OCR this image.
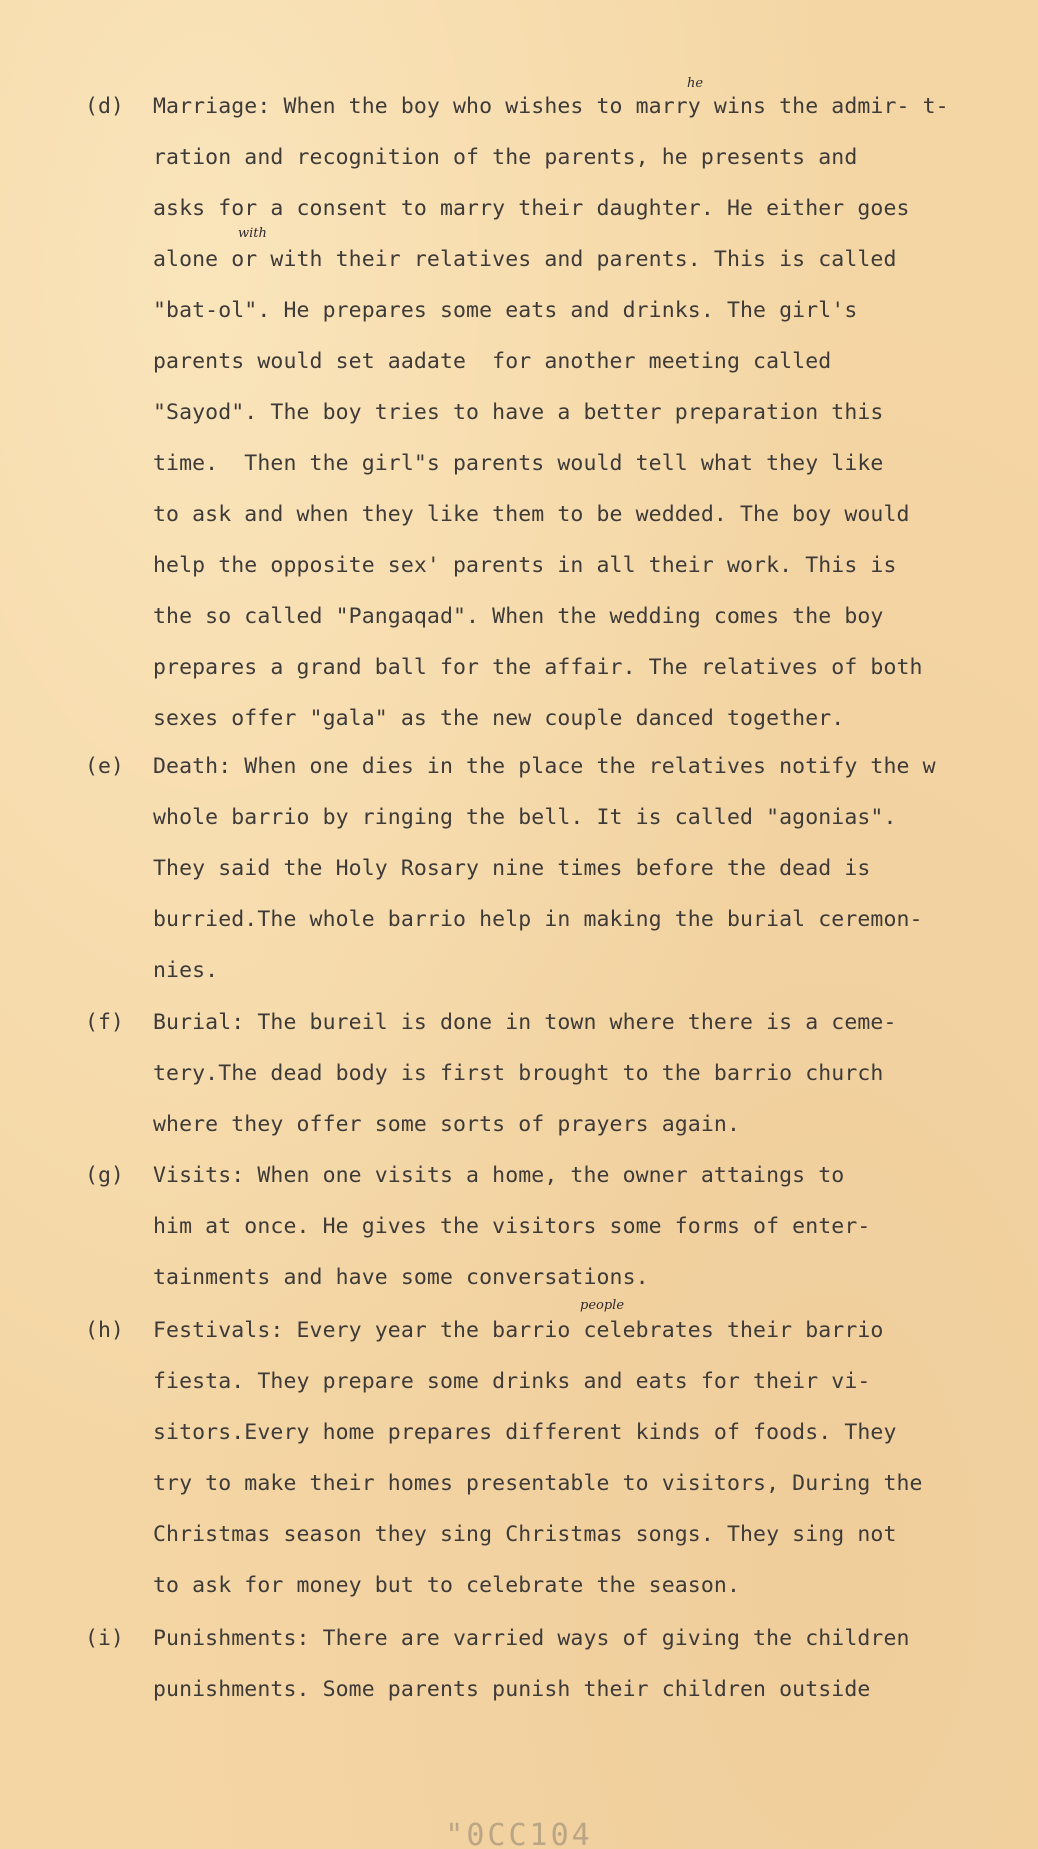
(d)	Marriage: When the boy who wishes to marry wins the admir- t-
ration and recognition of the parents, he presents and
asks for a consent to marry their daughter. He either goes
alone or with their relatives and parents. This is called
"bat-ol". He prepares some eats and drinks. The girl's
parents would set aadate  for another meeting called
"Sayod". The boy tries to have a better preparation this
time.  Then the girl"s parents would tell what they like
to ask and when they like them to be wedded. The boy would
help the opposite sex' parents in all their work. This is
the so called "Pangaqad". When the wedding comes the boy
prepares a grand ball for the affair. The relatives of both
sexes offer "gala" as the new couple danced together.
(e)	Death: When one dies in the place the relatives notify the w
whole barrio by ringing the bell. It is called "agonias".
They said the Holy Rosary nine times before the dead is
burried.The whole barrio help in making the burial ceremon-
nies.
(f)	Burial: The bureil is done in town where there is a ceme-
tery.The dead body is first brought to the barrio church
where they offer some sorts of prayers again.
(g)	Visits: When one visits a home, the owner attaings to
him at once. He gives the visitors some forms of enter-
tainments and have some conversations.
(h)	Festivals: Every year the barrio celebrates their barrio
fiesta. They prepare some drinks and eats for their vi-
sitors.Every home prepares different kinds of foods. They
try to make their homes presentable to visitors, During the
Christmas season they sing Christmas songs. They sing not
to ask for money but to celebrate the season.
(i)	Punishments: There are varried ways of giving the children
punishments. Some parents punish their children outside
he
with
people
"0CC104
